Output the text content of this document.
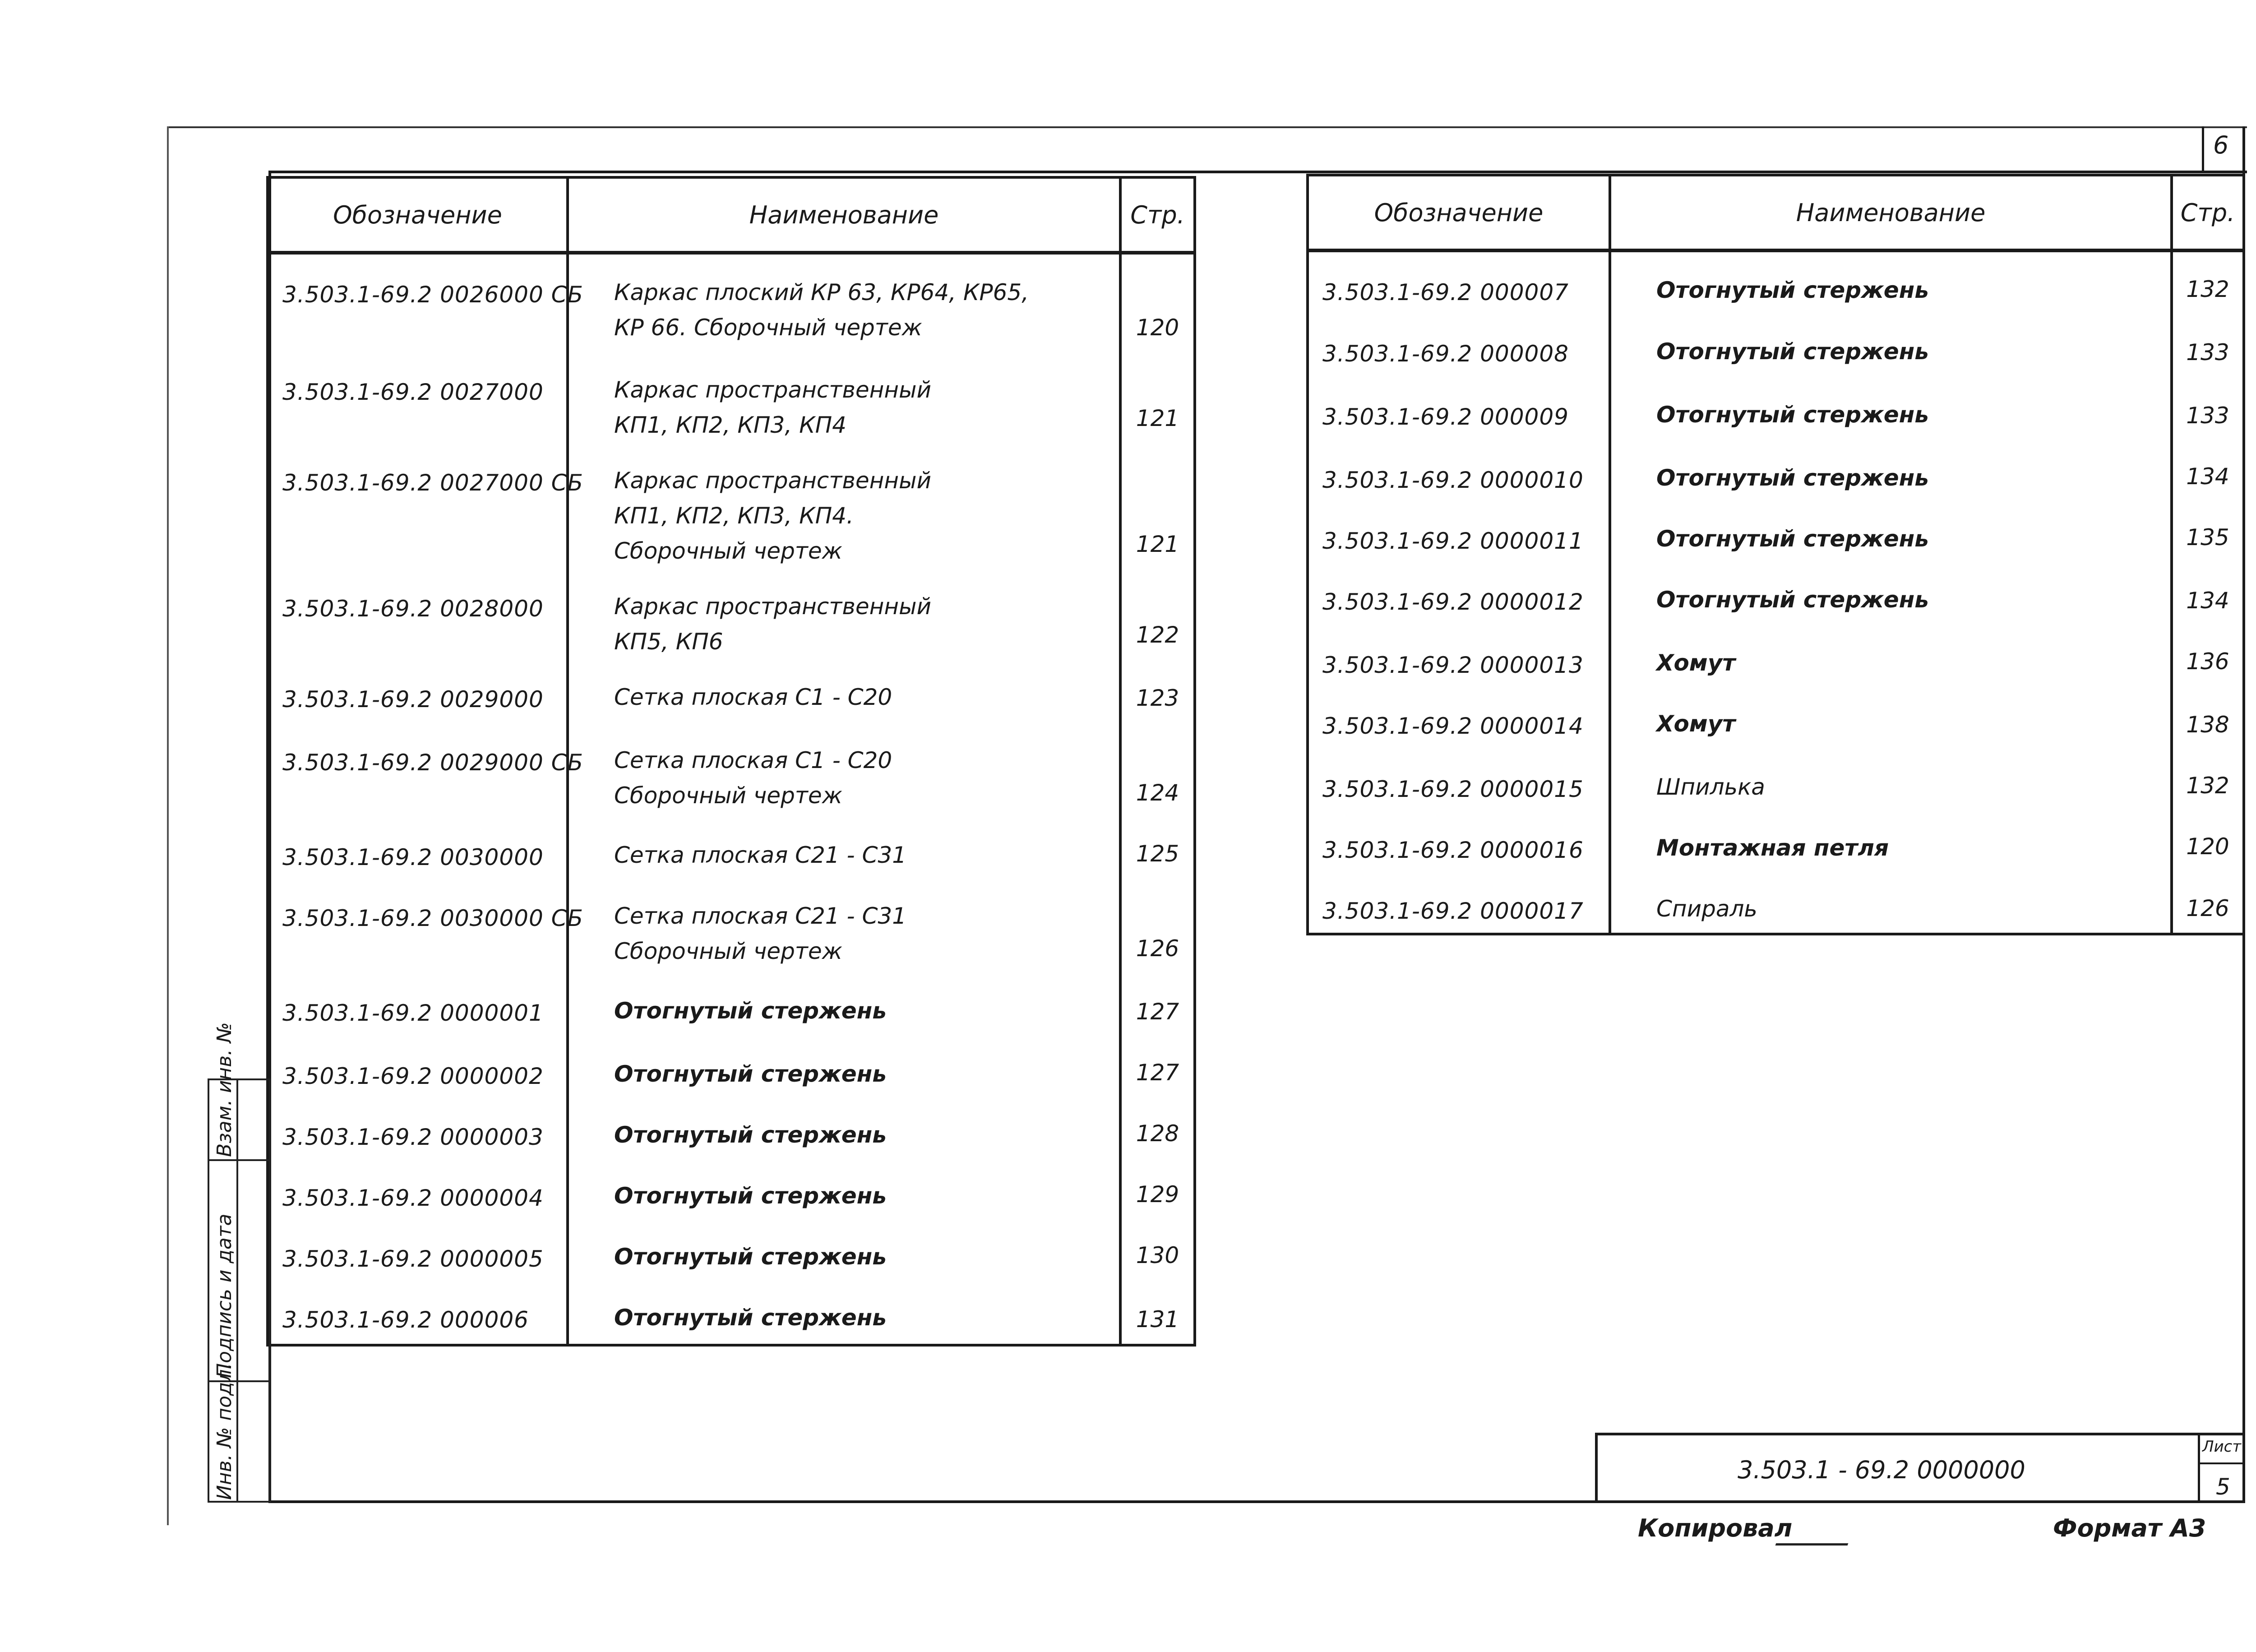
6
Обозначение	Наименование	Стр.
3.503.1-69.2 0026000 СБ	Каркас плоский КР 63, КР64, КР65,
КР 66. Сборочный чертеж	120
3.503.1-69.2 0027000	Каркас пространственный
КП1, КП2, КП3, КП4	121
3.503.1-69.2 0027000 СБ	Каркас пространственный
КП1, КП2, КП3, КП4.
Сборочный чертеж	121
3.503.1-69.2 0028000	Каркас пространственный
КП5, КП6	122
3.503.1-69.2 0029000	Сетка плоская С1 - С20	123
3.503.1-69.2 0029000 СБ	Сетка плоская С1 - С20
Сборочный чертеж	124
3.503.1-69.2 0030000	Сетка плоская С21 - С31	125
3.503.1-69.2 0030000 СБ	Сетка плоская С21 - С31
Сборочный чертеж	126
3.503.1-69.2 0000001	Отогнутый стержень	127
3.503.1-69.2 0000002	Отогнутый стержень	127
3.503.1-69.2 0000003	Отогнутый стержень	128
3.503.1-69.2 0000004	Отогнутый стержень	129
3.503.1-69.2 0000005	Отогнутый стержень	130
3.503.1-69.2 000006	Отогнутый стержень	131
Обозначение	Наименование	Стр.
3.503.1-69.2 000007	Отогнутый стержень	132
3.503.1-69.2 000008	Отогнутый стержень	133
3.503.1-69.2 000009	Отогнутый стержень	133
3.503.1-69.2 0000010	Отогнутый стержень	134
3.503.1-69.2 0000011	Отогнутый стержень	135
3.503.1-69.2 0000012	Отогнутый стержень	134
3.503.1-69.2 0000013	Хомут	136
3.503.1-69.2 0000014	Хомут	138
3.503.1-69.2 0000015	Шпилька	132
3.503.1-69.2 0000016	Монтажная петля	120
3.503.1-69.2 0000017	Спираль	126
Взам. инв. №
Подпись и дата
Инв. № подл.	3.503.1 - 69.2 0000000
Лист
5
Копировал	Формат А3
